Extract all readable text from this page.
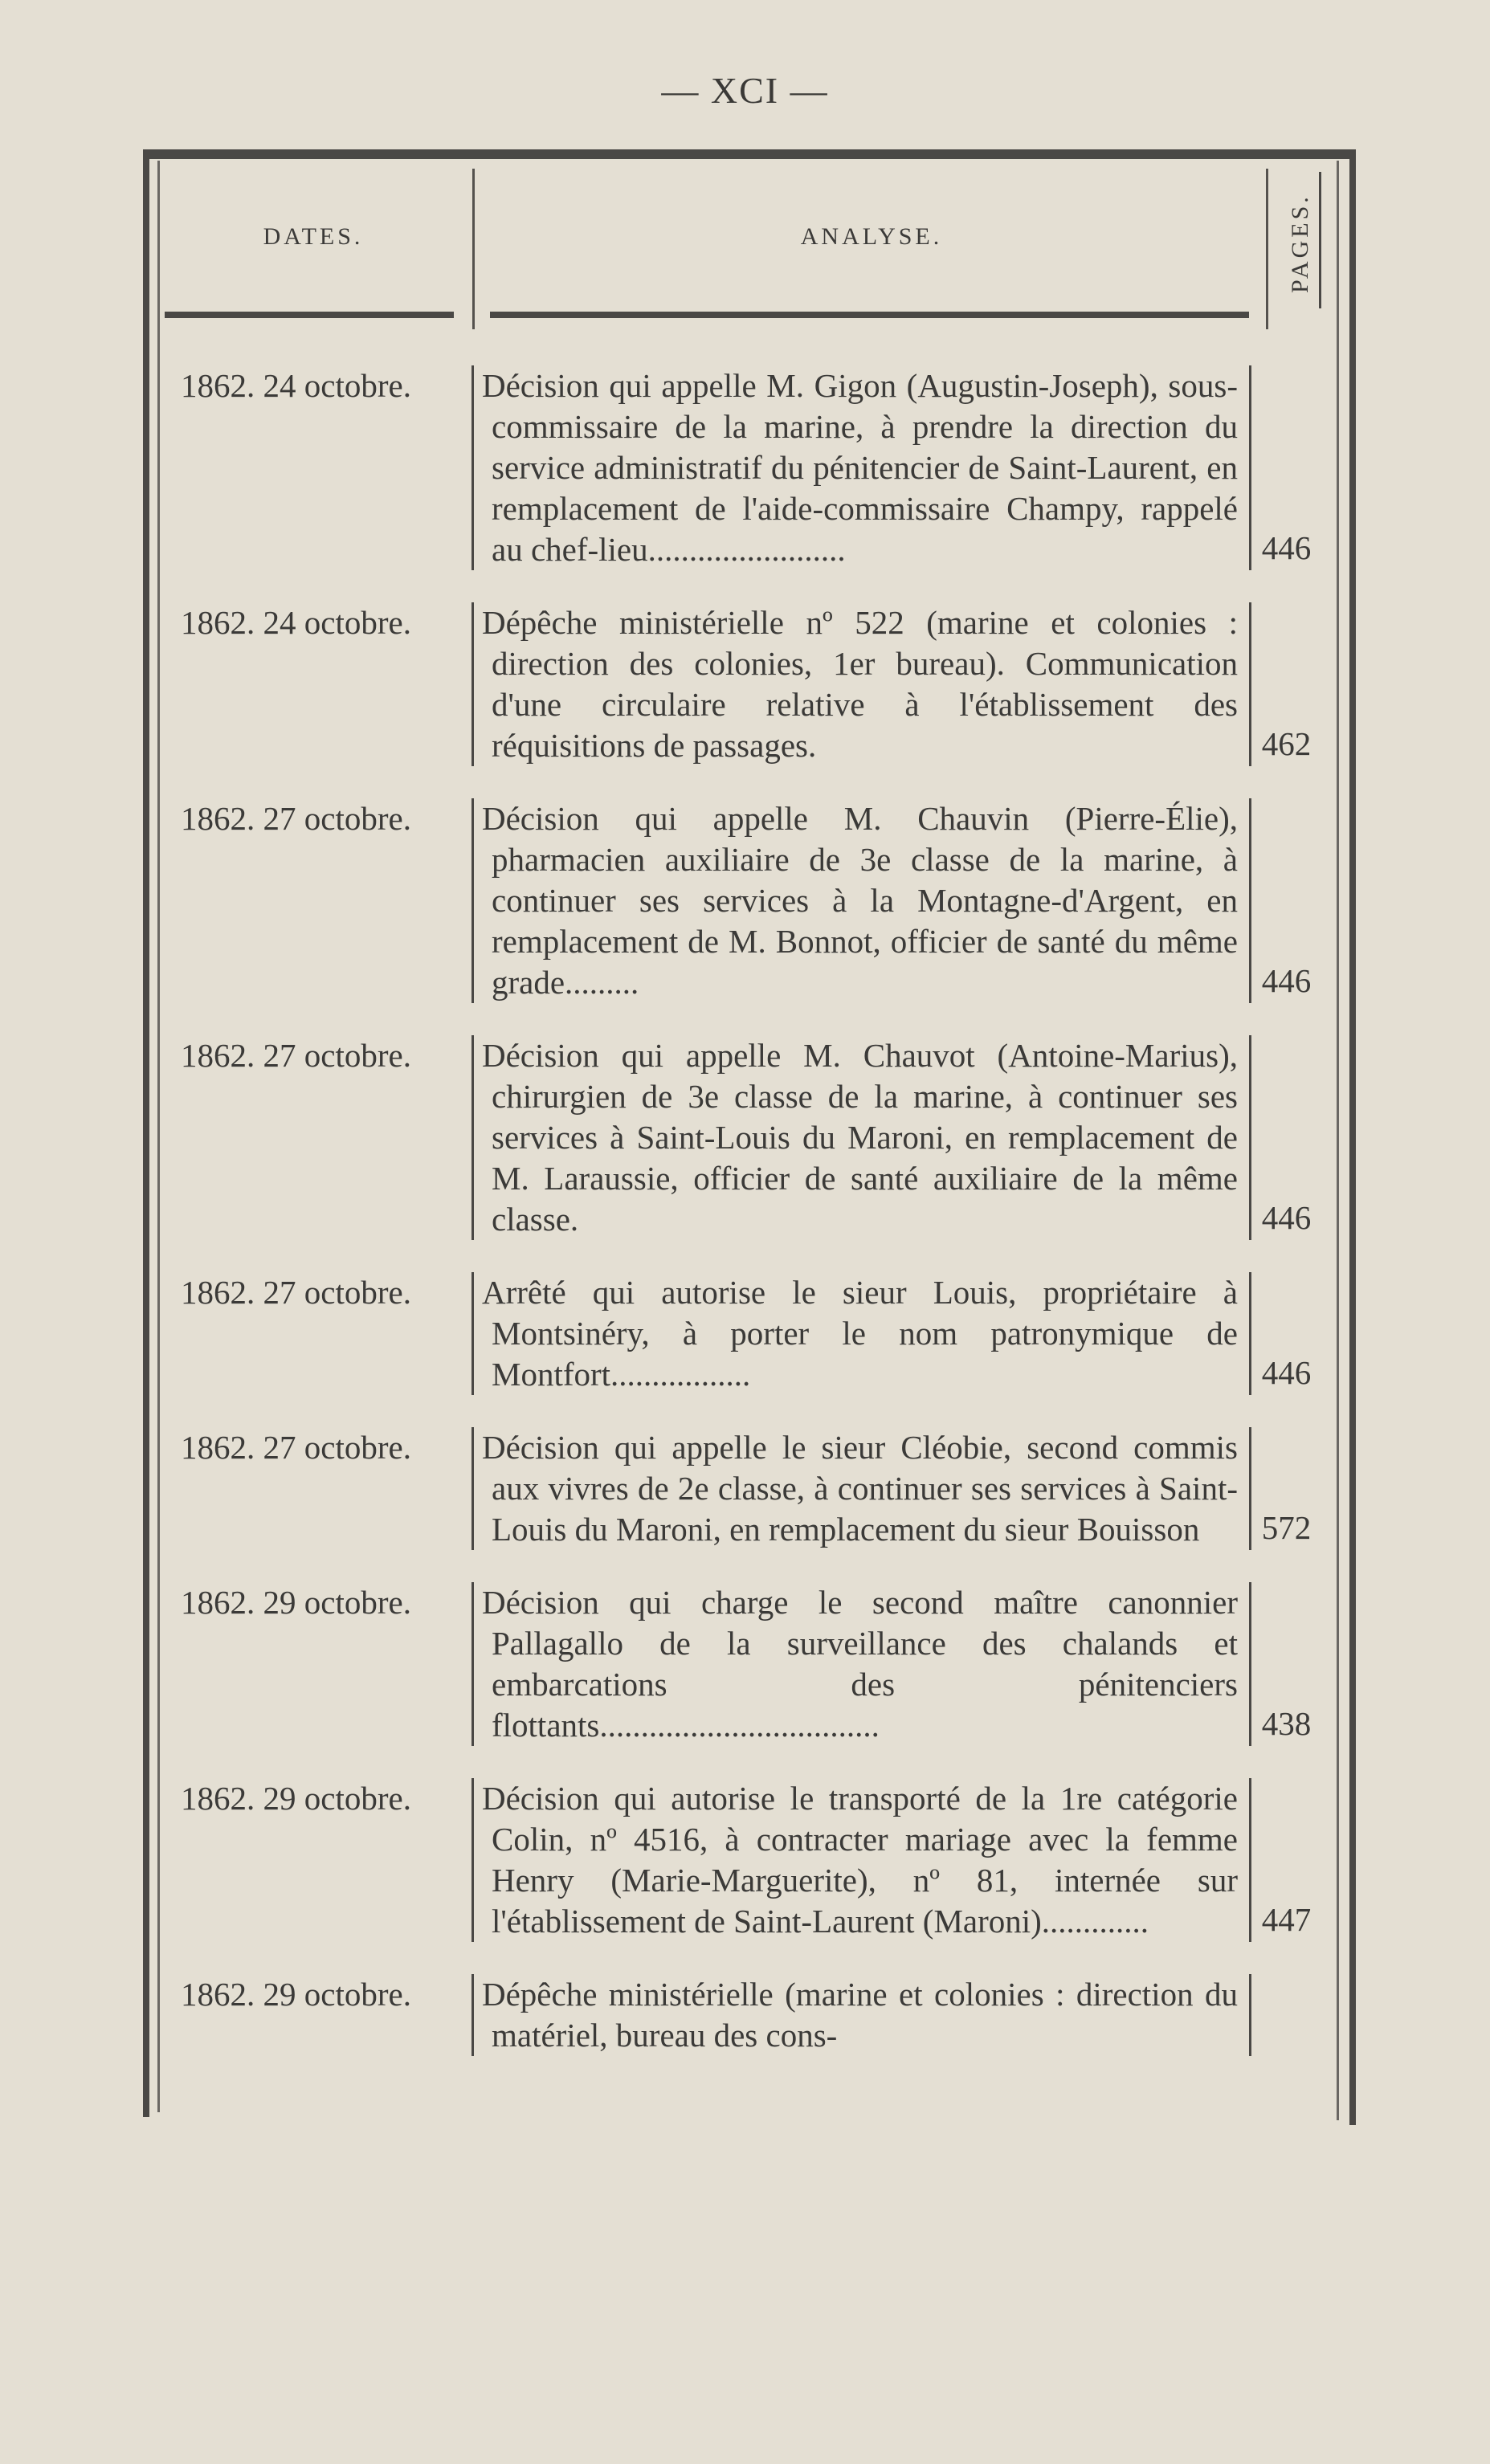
— XCI —
DATES.	ANALYSE.	PAGES.
1862. 24 octobre.	Décision qui appelle M. Gigon (Augustin-Joseph), sous-commissaire de la marine, à prendre la direction du service administratif du pénitencier de Saint-Laurent, en remplacement de l'aide-commissaire Champy, rappelé au chef-lieu........................	446
1862. 24 octobre.	Dépêche ministérielle nº 522 (marine et colonies : direction des colonies, 1er bureau). Communication d'une circulaire relative à l'établissement des réquisitions de passages.	462
1862. 27 octobre.	Décision qui appelle M. Chauvin (Pierre-Élie), pharmacien auxiliaire de 3e classe de la marine, à continuer ses services à la Montagne-d'Argent, en remplacement de M. Bonnot, officier de santé du même grade.........	446
1862. 27 octobre.	Décision qui appelle M. Chauvot (Antoine-Marius), chirurgien de 3e classe de la marine, à continuer ses services à Saint-Louis du Maroni, en remplacement de M. Laraussie, officier de santé auxiliaire de la même classe.	446
1862. 27 octobre.	Arrêté qui autorise le sieur Louis, propriétaire à Montsinéry, à porter le nom patronymique de Montfort.................	446
1862. 27 octobre.	Décision qui appelle le sieur Cléobie, second commis aux vivres de 2e classe, à continuer ses services à Saint-Louis du Maroni, en remplacement du sieur Bouisson	572
1862. 29 octobre.	Décision qui charge le second maître canonnier Pallagallo de la surveillance des chalands et embarcations des pénitenciers flottants..................................	438
1862. 29 octobre.	Décision qui autorise le transporté de la 1re catégorie Colin, nº 4516, à contracter mariage avec la femme Henry (Marie-Marguerite), nº 81, internée sur l'établissement de Saint-Laurent (Maroni).............	447
1862. 29 octobre.	Dépêche ministérielle (marine et colonies : direction du matériel, bureau des cons-
